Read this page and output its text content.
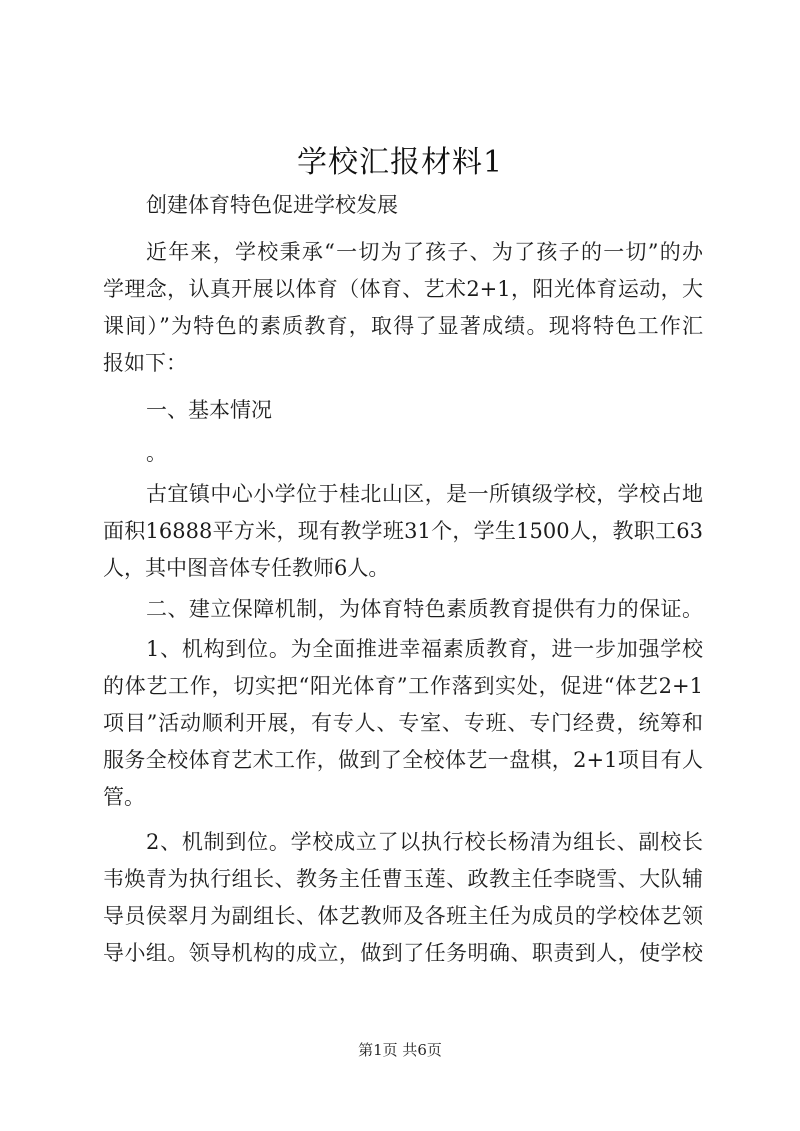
学校汇报材料1
创建体育特色促进学校发展
近年来，学校秉承“一切为了孩子、为了孩子的一切”的办
学理念，认真开展以体育（体育、艺术2+1，阳光体育运动，大
课间）”为特色的素质教育，取得了显著成绩。现将特色工作汇
报如下：
一、基本情况
。
古宜镇中心小学位于桂北山区，是一所镇级学校，学校占地
面积16888平方米，现有教学班31个，学生1500人，教职工63
人，其中图音体专任教师6人。
二、建立保障机制，为体育特色素质教育提供有力的保证。
1、机构到位。为全面推进幸福素质教育，进一步加强学校
的体艺工作，切实把“阳光体育”工作落到实处，促进“体艺2+1
项目”活动顺利开展，有专人、专室、专班、专门经费，统筹和
服务全校体育艺术工作，做到了全校体艺一盘棋，2+1项目有人
管。
2、机制到位。学校成立了以执行校长杨清为组长、副校长
韦焕青为执行组长、教务主任曹玉莲、政教主任李晓雪、大队辅
导员侯翠月为副组长、体艺教师及各班主任为成员的学校体艺领
导小组。领导机构的成立，做到了任务明确、职责到人，使学校
第1页 共6页
